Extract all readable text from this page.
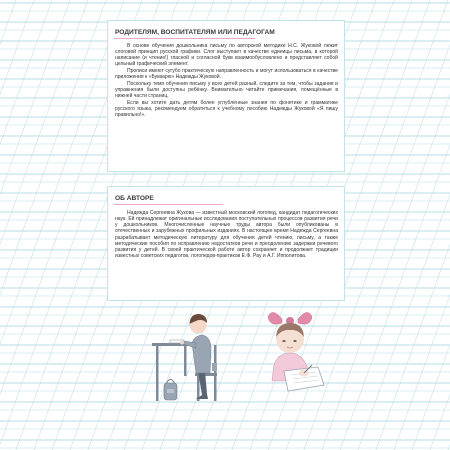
РОДИТЕЛЯМ, ВОСПИТАТЕЛЯМ ИЛИ ПЕДАГОГАМ

В основе обучения дошкольника письму по авторской методике Н.С. Жуковой лежит слоговой принцип русской графики. Слог выступает в качестве единицы письма, в которой написание (и чтение!) гласной и согласной букв взаимообусловлено и представляет собой цельный графический элемент.

Прописи имеют сугубо практическую направленность и могут использоваться в качестве приложения к «Букварю» Надежды Жуковой.

Поскольку темп обучения письму у всех детей разный, следите за тем, чтобы задания и упражнения были доступны ребёнку. Внимательно читайте примечания, помещённые в нижней части страниц.

Если вы хотите дать детям более углублённые знания по фонетике и грамматике русского языка, рекомендуем обратиться к учебному пособию Надежды Жуковой «Я пишу правильно!».

ОБ АВТОРЕ

Надежда Сергеевна Жукова — известный московский логопед, кандидат педагогических наук. Ей принадлежат оригинальные исследования поступательных процессов развития речи у дошкольников. Многочисленные научные труды автора были опубликованы в отечественных и зарубежных профильных изданиях. В настоящее время Надежда Сергеевна разрабатывает методическую литературу для обучения детей чтению, письму, а также методические пособия по исправлению недостатков речи и преодолению задержки речевого развития у детей. В своей практической работе автор сохраняет и продолжает традиции известных советских педагогов, логопедов-практиков Е.Ф. Рау и А.Г. Ипполитова.
